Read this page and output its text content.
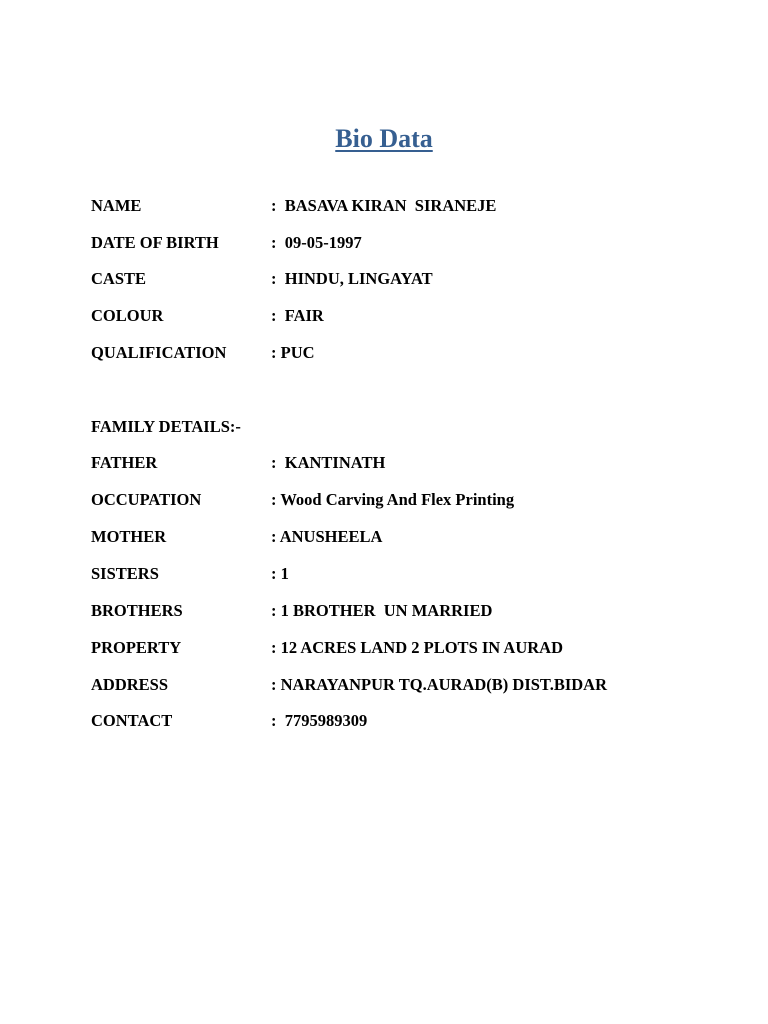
Bio Data

NAME

	:  BASAVA KIRAN  SIRANEJE

DATE OF BIRTH

	:  09-05-1997

CASTE

	:  HINDU, LINGAYAT

COLOUR

	:  FAIR

QUALIFICATION

	: PUC

FAMILY DETAILS:-

FATHER

	:  KANTINATH

OCCUPATION

	: Wood Carving And Flex Printing

MOTHER

	: ANUSHEELA

SISTERS

	: 1

BROTHERS

	: 1 BROTHER  UN MARRIED

PROPERTY

	: 12 ACRES LAND 2 PLOTS IN AURAD

ADDRESS

	: NARAYANPUR TQ.AURAD(B) DIST.BIDAR

CONTACT

	:  7795989309
